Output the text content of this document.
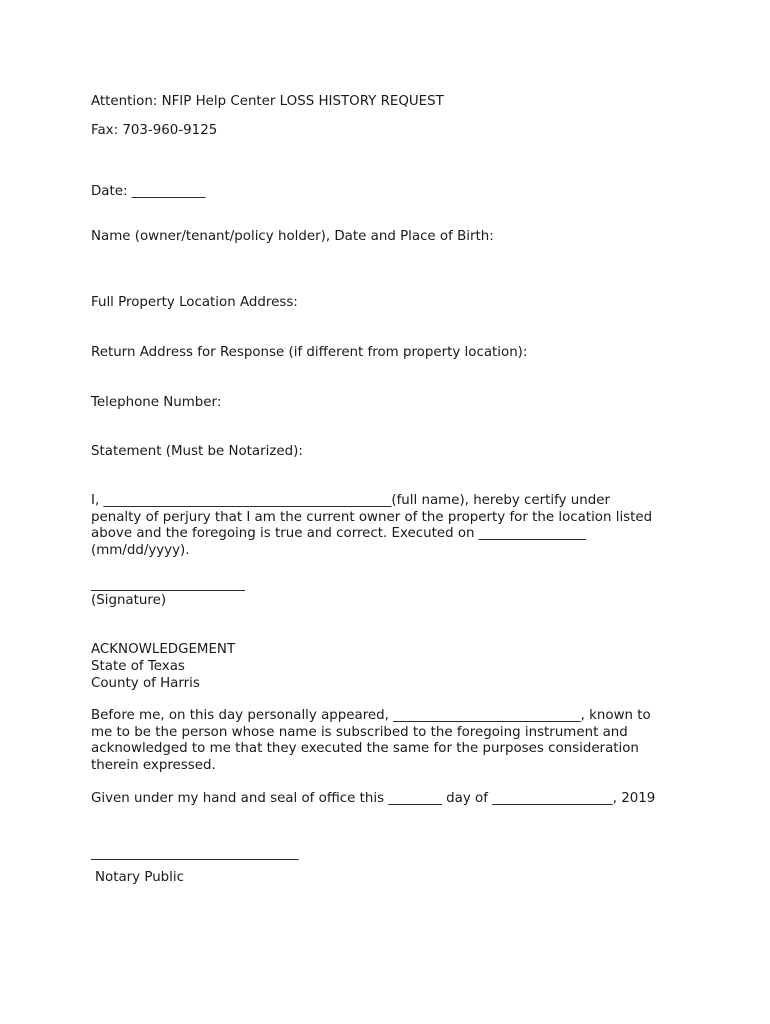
Attention: NFIP Help Center LOSS HISTORY REQUEST
Fax: 703-960-9125
Date: ___________
Name (owner/tenant/policy holder), Date and Place of Birth:
Full Property Location Address:
Return Address for Response (if different from property location):
Telephone Number:
Statement (Must be Notarized):
I, ___________________________________________(full name), hereby certify under
penalty of perjury that I am the current owner of the property for the location listed
above and the foregoing is true and correct. Executed on ________________
(mm/dd/yyyy).
_______________________
(Signature)
ACKNOWLEDGEMENT
State of Texas
County of Harris
Before me, on this day personally appeared, ____________________________, known to
me to be the person whose name is subscribed to the foregoing instrument and
acknowledged to me that they executed the same for the purposes consideration
therein expressed.
Given under my hand and seal of office this ________ day of __________________, 2019
_______________________________
Notary Public
